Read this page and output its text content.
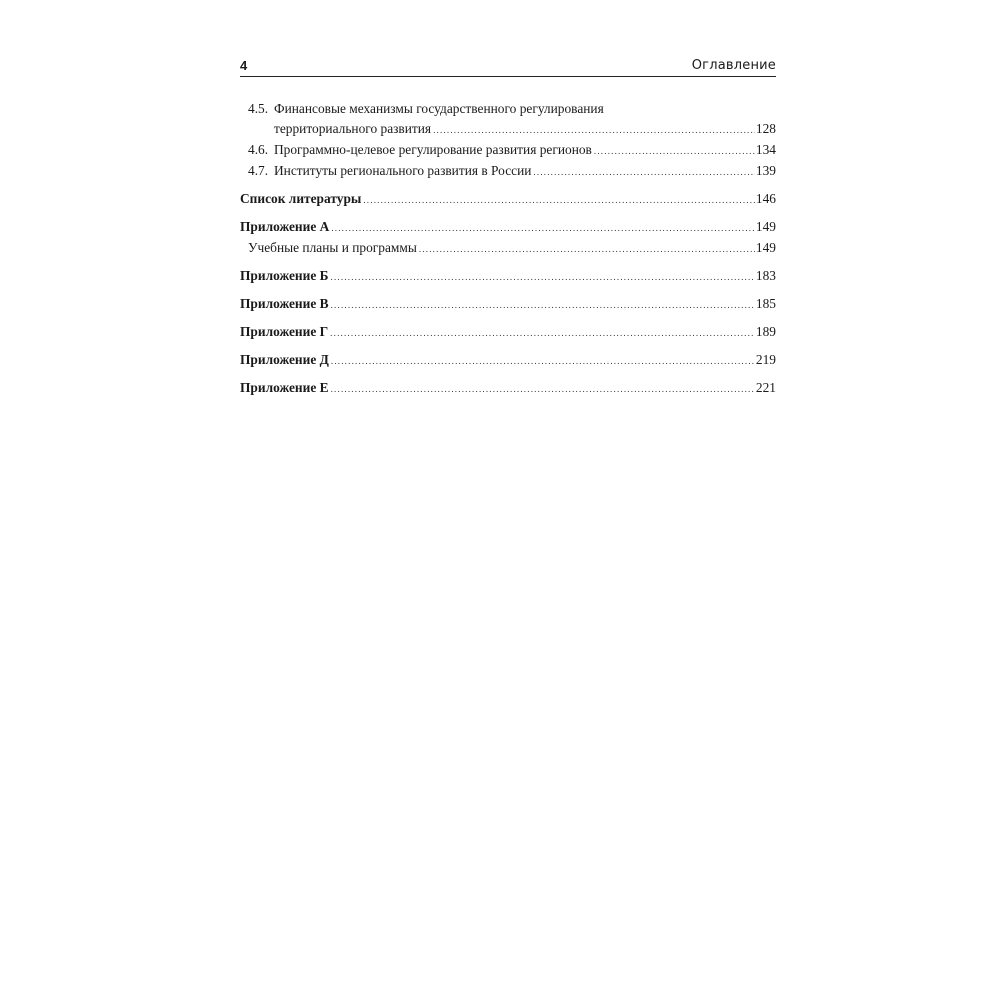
4	Оглавление
4.5. Финансовые механизмы государственного регулирования
территориального развития .....	128
4.6. Программно-целевое регулирование развития регионов .....	134
4.7. Институты регионального развития в России .....	139
Список литературы .....	146
Приложение А .....	149
Учебные планы и программы .....	149
Приложение Б .....	183
Приложение В .....	185
Приложение Г .....	189
Приложение Д .....	219
Приложение Е .....	221
